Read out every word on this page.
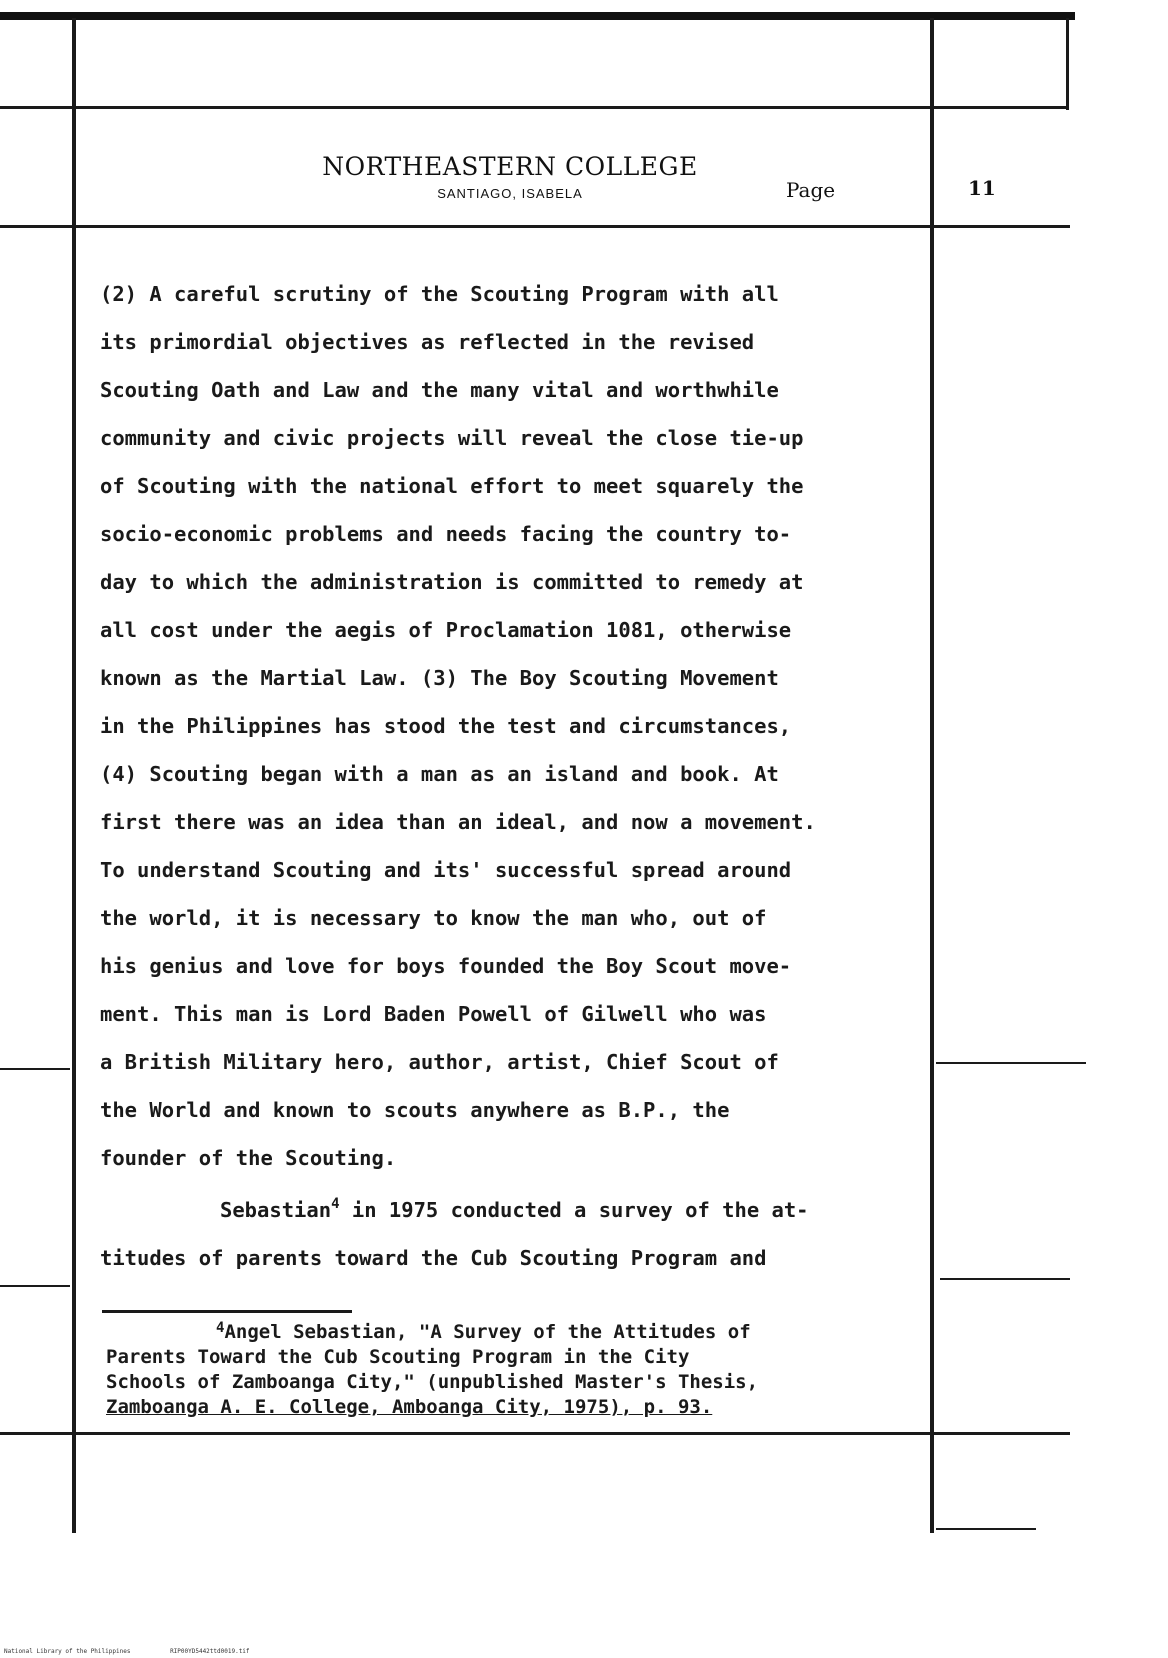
NORTHEASTERN COLLEGE
SANTIAGO, ISABELA	Page	11
(2) A careful scrutiny of the Scouting Program with all
its primordial objectives as reflected in the revised
Scouting Oath and Law and the many vital and worthwhile
community and civic projects will reveal the close tie-up
of Scouting with the national effort to meet squarely the
socio-economic problems and needs facing the country to-
day to which the administration is committed to remedy at
all cost under the aegis of Proclamation 1081, otherwise
known as the Martial Law. (3) The Boy Scouting Movement
in the Philippines has stood the test and circumstances,
(4) Scouting began with a man as an island and book. At
first there was an idea than an ideal, and now a movement.
To understand Scouting and its' successful spread around
the world, it is necessary to know the man who, out of
his genius and love for boys founded the Boy Scout move-
ment. This man is Lord Baden Powell of Gilwell who was
a British Military hero, author, artist, Chief Scout of
the World and known to scouts anywhere as B.P., the
founder of the Scouting.
Sebastian$^4$ in 1975 conducted a survey of the at-
titudes of parents toward the Cub Scouting Program and
$^4$Angel Sebastian, "A Survey of the Attitudes of
Parents Toward the Cub Scouting Program in the City
Schools of Zamboanga City," (unpublished Master's Thesis,
Zamboanga A. E. College, Amboanga City, 1975), p. 93.
National Library of the Philippines	RIP00YD5442ttd0019.tif
